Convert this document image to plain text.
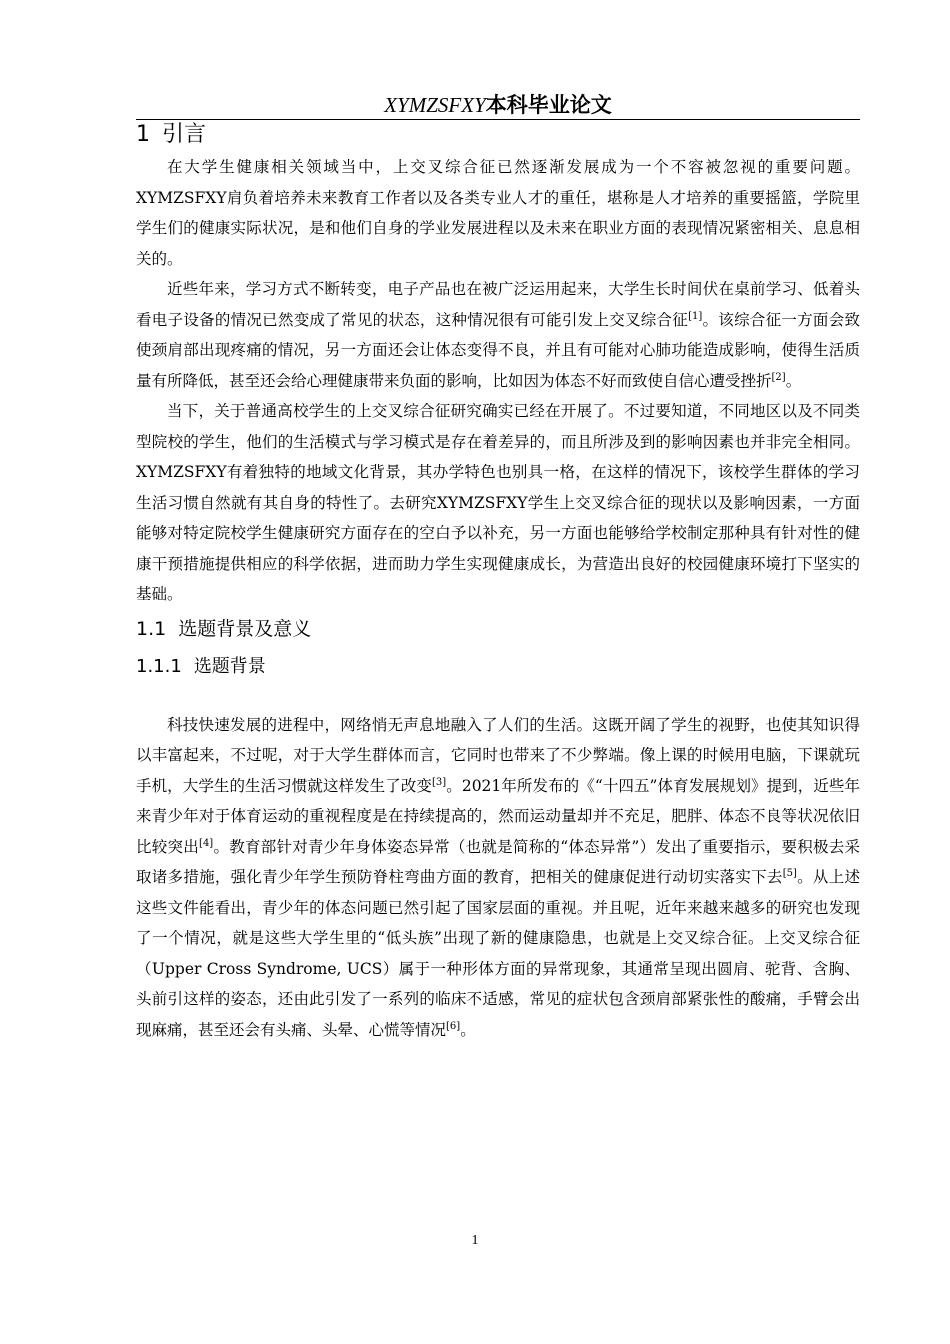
XYMZSFXY本科毕业论文
1 引言

在大学生健康相关领域当中，上交叉综合征已然逐渐发展成为一个不容被忽视的重要问题。XYMZSFXY肩负着培养未来教育工作者以及各类专业人才的重任，堪称是人才培养的重要摇篮，学院里学生们的健康实际状况，是和他们自身的学业发展进程以及未来在职业方面的表现情况紧密相关、息息相关的。

近些年来，学习方式不断转变，电子产品也在被广泛运用起来，大学生长时间伏在桌前学习、低着头看电子设备的情况已然变成了常见的状态，这种情况很有可能引发上交叉综合征[1]。该综合征一方面会致使颈肩部出现疼痛的情况，另一方面还会让体态变得不良，并且有可能对心肺功能造成影响，使得生活质量有所降低，甚至还会给心理健康带来负面的影响，比如因为体态不好而致使自信心遭受挫折[2]。

当下，关于普通高校学生的上交叉综合征研究确实已经在开展了。不过要知道，不同地区以及不同类型院校的学生，他们的生活模式与学习模式是存在着差异的，而且所涉及到的影响因素也并非完全相同。XYMZSFXY有着独特的地域文化背景，其办学特色也别具一格，在这样的情况下，该校学生群体的学习生活习惯自然就有其自身的特性了。去研究XYMZSFXY学生上交叉综合征的现状以及影响因素，一方面能够对特定院校学生健康研究方面存在的空白予以补充，另一方面也能够给学校制定那种具有针对性的健康干预措施提供相应的科学依据，进而助力学生实现健康成长，为营造出良好的校园健康环境打下坚实的基础。

1.1 选题背景及意义
1.1.1 选题背景

科技快速发展的进程中，网络悄无声息地融入了人们的生活。这既开阔了学生的视野，也使其知识得以丰富起来，不过呢，对于大学生群体而言，它同时也带来了不少弊端。像上课的时候用电脑，下课就玩手机，大学生的生活习惯就这样发生了改变[3]。2021年所发布的《“十四五”体育发展规划》提到，近些年来青少年对于体育运动的重视程度是在持续提高的，然而运动量却并不充足，肥胖、体态不良等状况依旧比较突出[4]。教育部针对青少年身体姿态异常（也就是简称的“体态异常”）发出了重要指示，要积极去采取诸多措施，强化青少年学生预防脊柱弯曲方面的教育，把相关的健康促进行动切实落实下去[5]。从上述这些文件能看出，青少年的体态问题已然引起了国家层面的重视。并且呢，近年来越来越多的研究也发现了一个情况，就是这些大学生里的“低头族”出现了新的健康隐患，也就是上交叉综合征。上交叉综合征（Upper Cross Syndrome, UCS）属于一种形体方面的异常现象，其通常呈现出圆肩、驼背、含胸、头前引这样的姿态，还由此引发了一系列的临床不适感，常见的症状包含颈肩部紧张性的酸痛，手臂会出现麻痛，甚至还会有头痛、头晕、心慌等情况[6]。

1
